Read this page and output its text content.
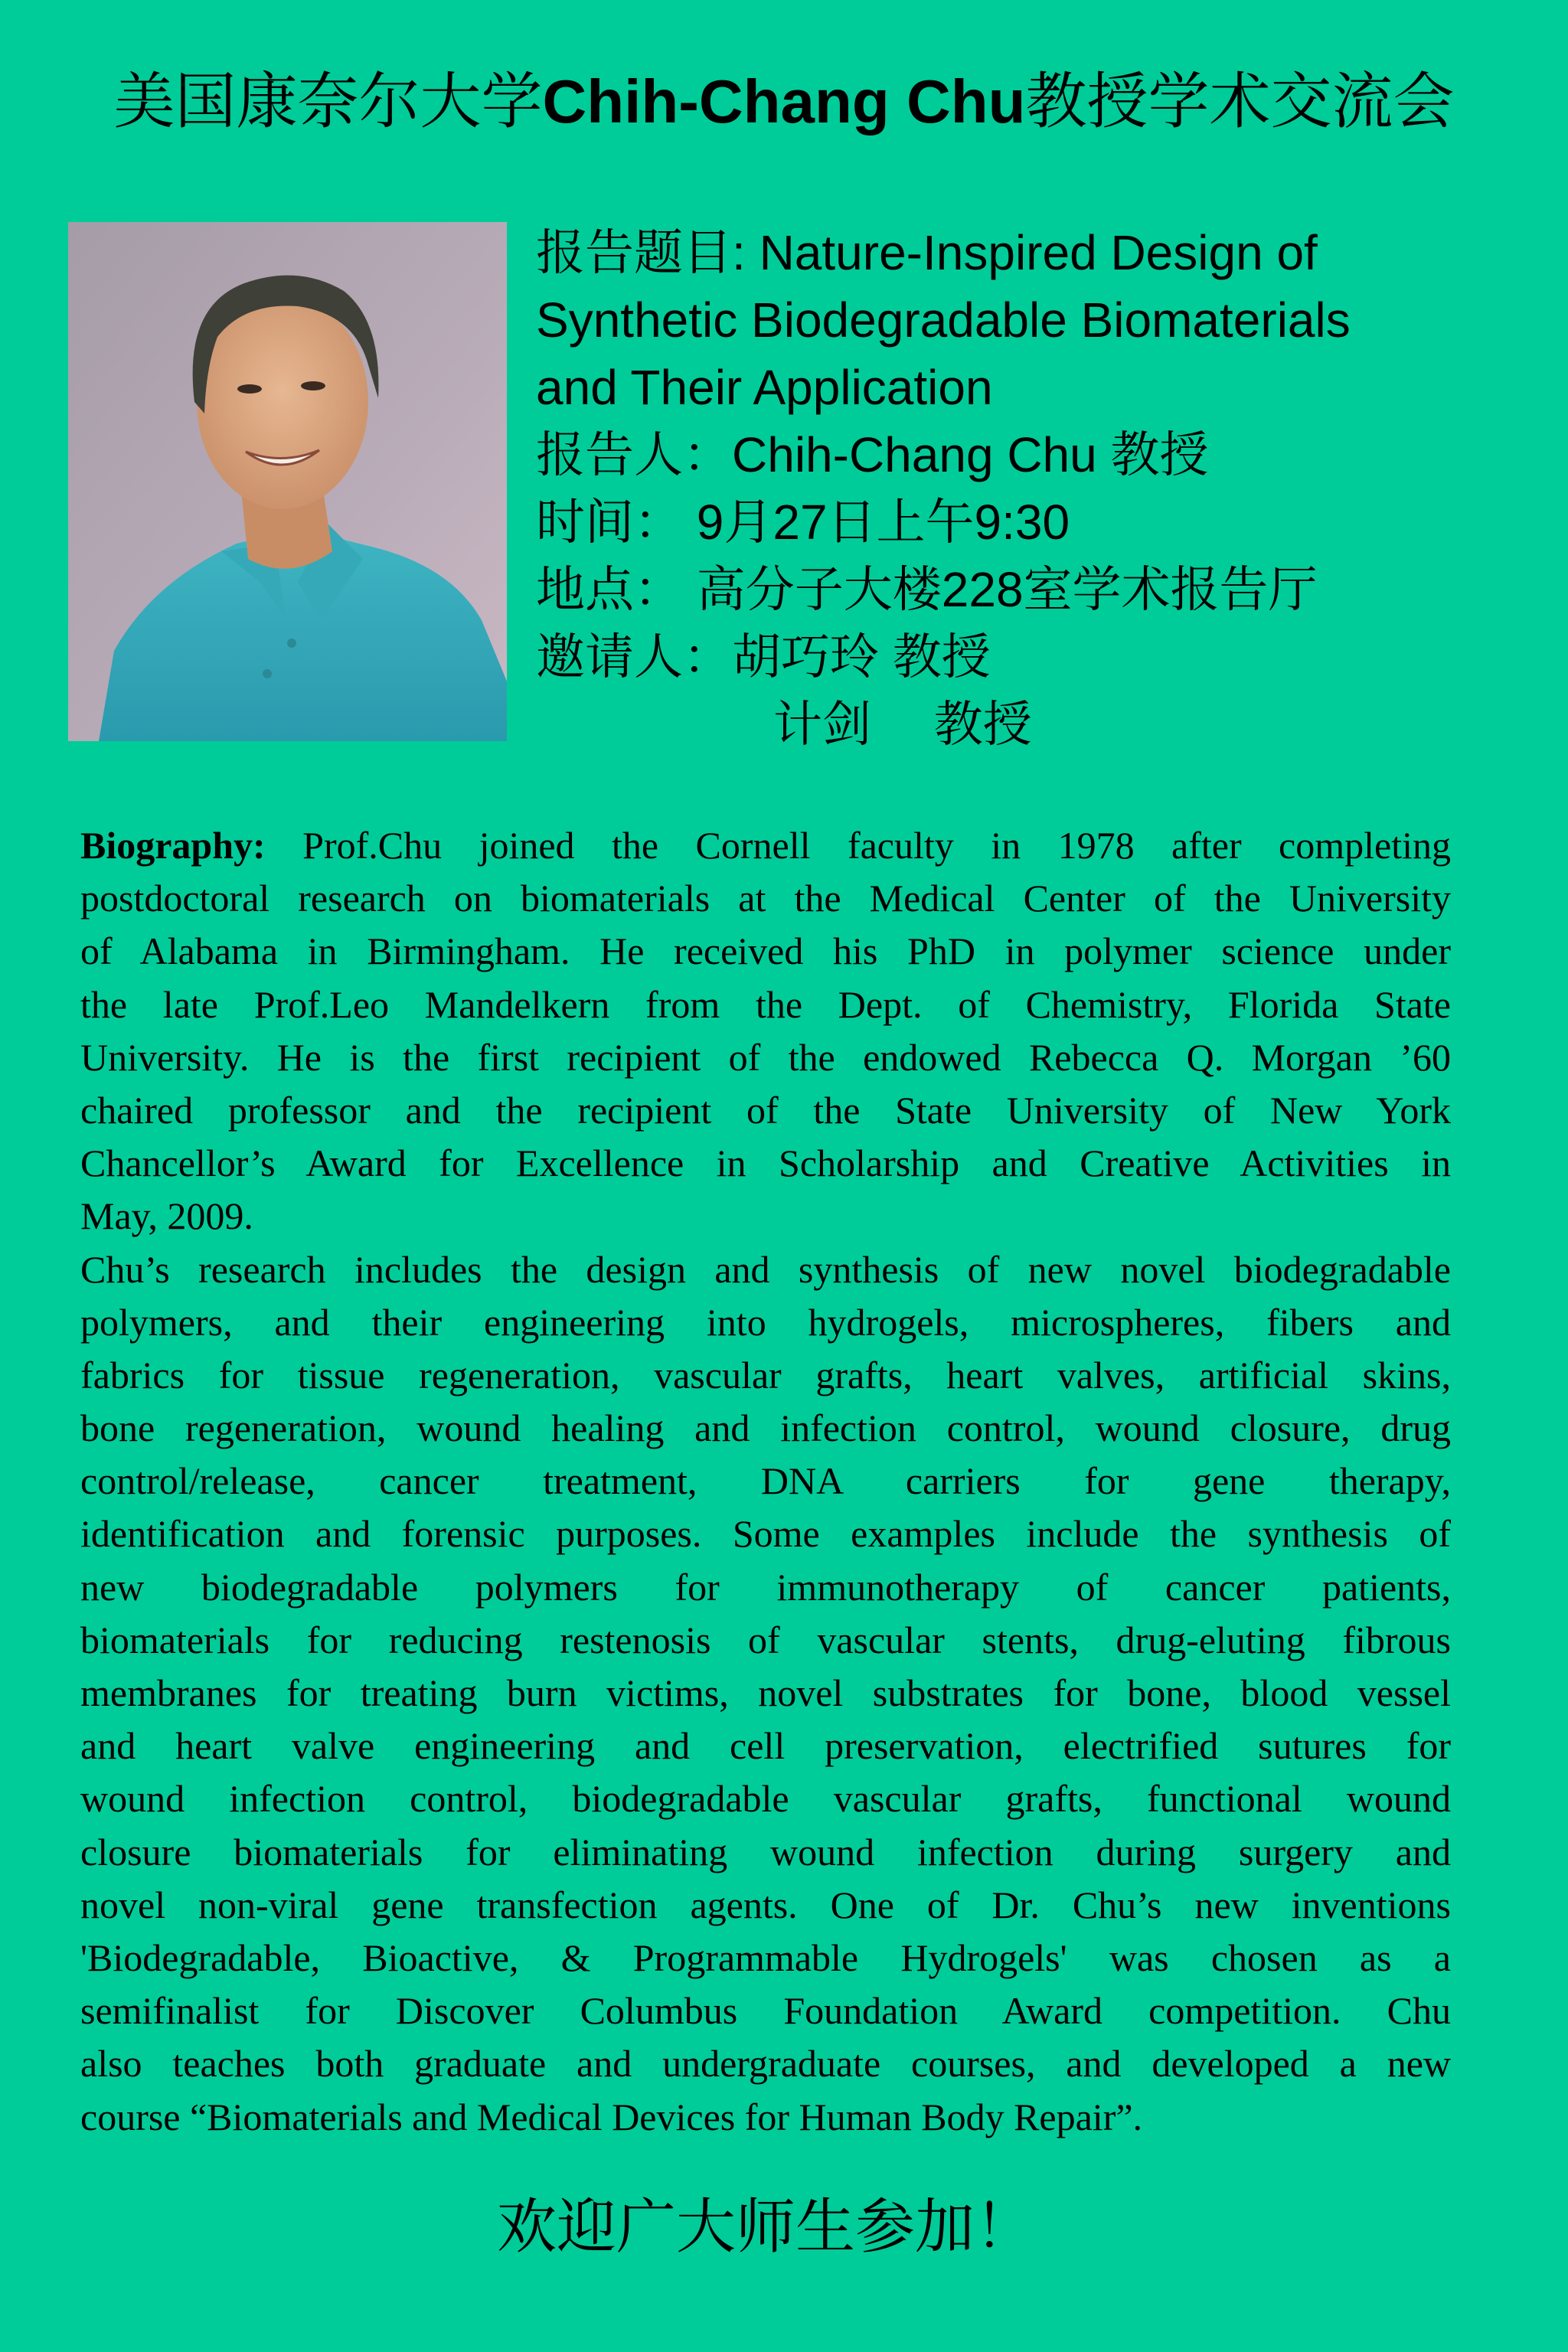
美国康奈尔大学Chih-Chang Chu教授学术交流会
报告题目: Nature-Inspired Design of
Synthetic Biodegradable Biomaterials
and Their Application
报告人：Chih-Chang Chu 教授
时间： 9月27日上午9:30
地点： 高分子大楼228室学术报告厅
邀请人：胡巧玲 教授
计剑　 教授
Biography: Prof.Chu joined the Cornell faculty in 1978 after completing
postdoctoral research on biomaterials at the Medical Center of the University
of Alabama in Birmingham. He received his PhD in polymer science under
the late Prof.Leo Mandelkern from the Dept. of Chemistry, Florida State
University. He is the first recipient of the endowed Rebecca Q. Morgan ’60
chaired professor and the recipient of the State University of New York
Chancellor’s Award for Excellence in Scholarship and Creative Activities in
May, 2009.
Chu’s research includes the design and synthesis of new novel biodegradable
polymers, and their engineering into hydrogels, microspheres, fibers and
fabrics for tissue regeneration, vascular grafts, heart valves, artificial skins,
bone regeneration, wound healing and infection control, wound closure, drug
control/release, cancer treatment, DNA carriers for gene therapy,
identification and forensic purposes. Some examples include the synthesis of
new biodegradable polymers for immunotherapy of cancer patients,
biomaterials for reducing restenosis of vascular stents, drug-eluting fibrous
membranes for treating burn victims, novel substrates for bone, blood vessel
and heart valve engineering and cell preservation, electrified sutures for
wound infection control, biodegradable vascular grafts, functional wound
closure biomaterials for eliminating wound infection during surgery and
novel non-viral gene transfection agents. One of Dr. Chu’s new inventions
'Biodegradable, Bioactive, & Programmable Hydrogels' was chosen as a
semifinalist for Discover Columbus Foundation Award competition. Chu
also teaches both graduate and undergraduate courses, and developed a new
course “Biomaterials and Medical Devices for Human Body Repair”.
欢迎广大师生参加！
